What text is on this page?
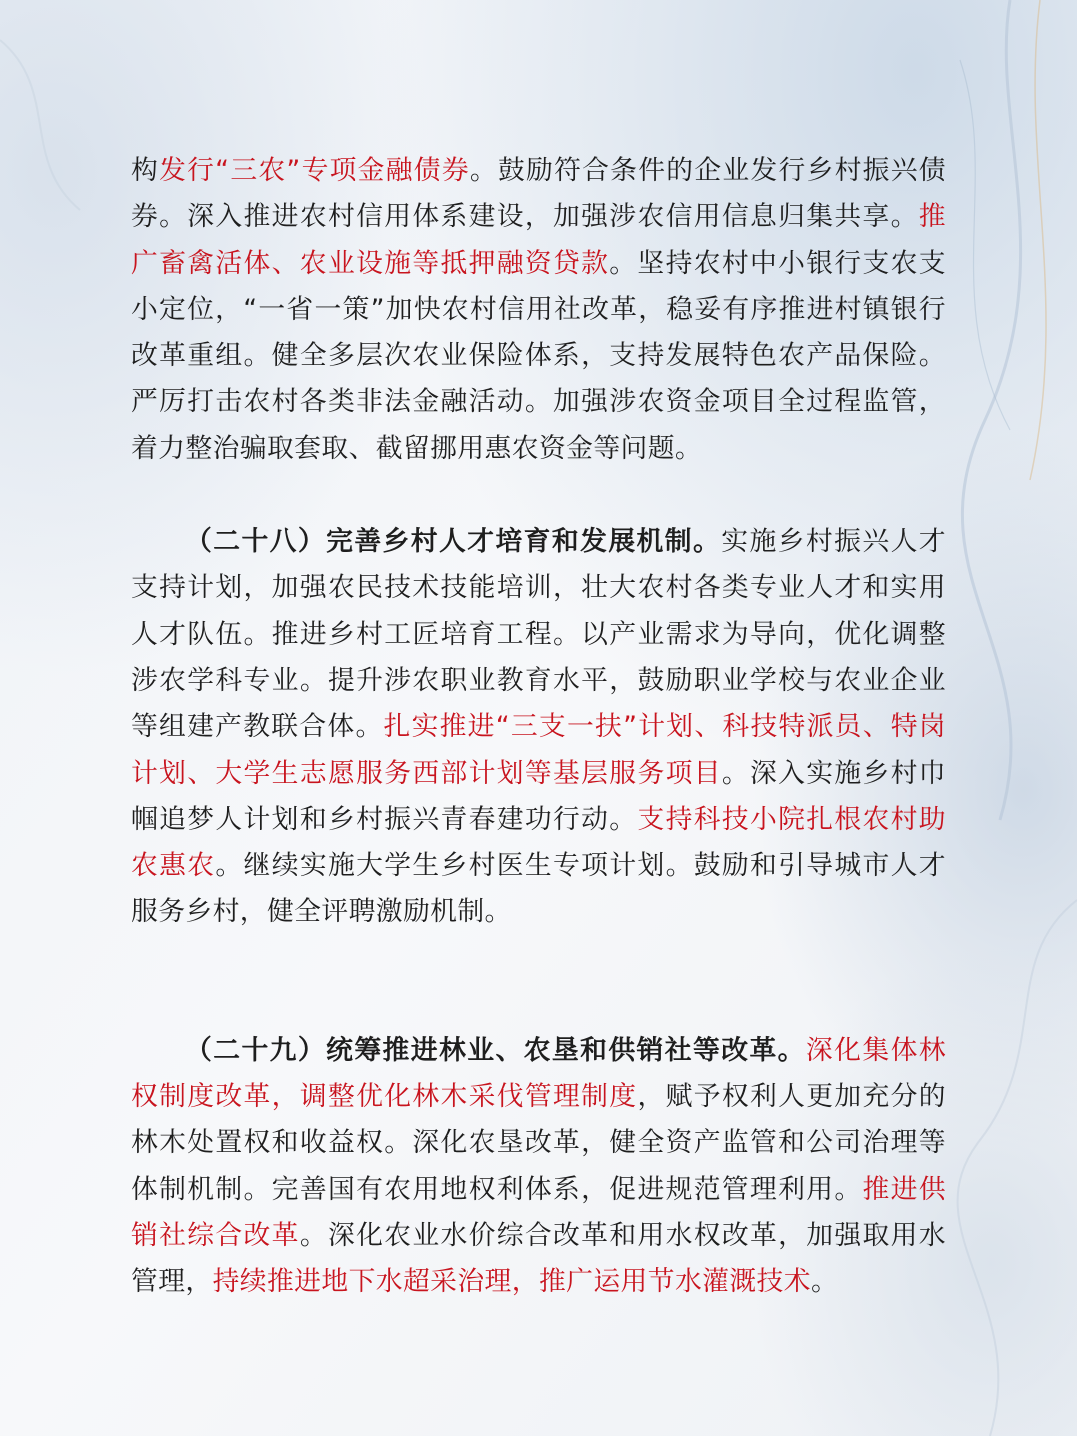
构发行“三农”专项金融债券。鼓励符合条件的企业发行乡村振兴债券。深入推进农村信用体系建设，加强涉农信用信息归集共享。推广畜禽活体、农业设施等抵押融资贷款。坚持农村中小银行支农支小定位，“一省一策”加快农村信用社改革，稳妥有序推进村镇银行改革重组。健全多层次农业保险体系，支持发展特色农产品保险。严厉打击农村各类非法金融活动。加强涉农资金项目全过程监管，着力整治骗取套取、截留挪用惠农资金等问题。

（二十八）完善乡村人才培育和发展机制。实施乡村振兴人才支持计划，加强农民技术技能培训，壮大农村各类专业人才和实用人才队伍。推进乡村工匠培育工程。以产业需求为导向，优化调整涉农学科专业。提升涉农职业教育水平，鼓励职业学校与农业企业等组建产教联合体。扎实推进“三支一扶”计划、科技特派员、特岗计划、大学生志愿服务西部计划等基层服务项目。深入实施乡村巾帼追梦人计划和乡村振兴青春建功行动。支持科技小院扎根农村助农惠农。继续实施大学生乡村医生专项计划。鼓励和引导城市人才服务乡村，健全评聘激励机制。

（二十九）统筹推进林业、农垦和供销社等改革。深化集体林权制度改革，调整优化林木采伐管理制度，赋予权利人更加充分的林木处置权和收益权。深化农垦改革，健全资产监管和公司治理等体制机制。完善国有农用地权利体系，促进规范管理利用。推进供销社综合改革。深化农业水价综合改革和用水权改革，加强取用水管理，持续推进地下水超采治理，推广运用节水灌溉技术。
